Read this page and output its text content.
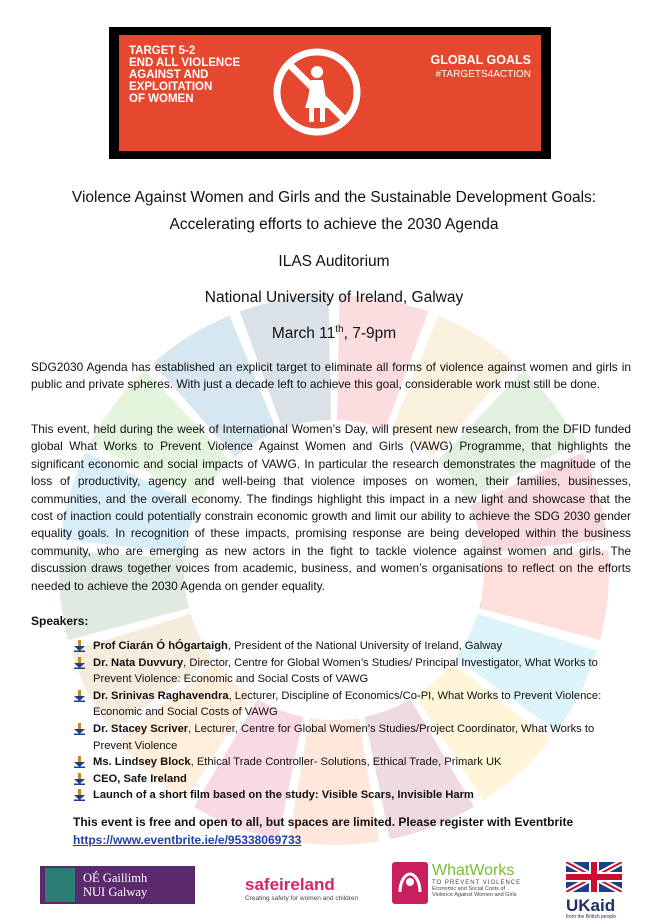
TARGET 5-2
END ALL VIOLENCE
AGAINST AND
EXPLOITATION
OF WOMEN
GLOBAL GOALS
#TARGETS4ACTION
Violence Against Women and Girls and the Sustainable Development Goals:
Accelerating efforts to achieve the 2030 Agenda
ILAS Auditorium
National University of Ireland, Galway
March 11th, 7-9pm
SDG2030 Agenda has established an explicit target to eliminate all forms of violence against women and girls in public and private spheres. With just a decade left to achieve this goal, considerable work must still be done.
This event, held during the week of International Women’s Day, will present new research, from the DFID funded global What Works to Prevent Violence Against Women and Girls (VAWG) Programme, that highlights the significant economic and social impacts of VAWG. In particular the research demonstrates the magnitude of the loss of productivity, agency and well-being that violence imposes on women, their families, businesses, communities, and the overall economy. The findings highlight this impact in a new light and showcase that the cost of inaction could potentially constrain economic growth and limit our ability to achieve the SDG 2030 gender equality goals. In recognition of these impacts, promising response are being developed within the business community, who are emerging as new actors in the fight to tackle violence against women and girls. The discussion draws together voices from academic, business, and women’s organisations to reflect on the efforts needed to achieve the 2030 Agenda on gender equality.
Speakers:
Prof Ciarán Ó hÓgartaigh, President of the National University of Ireland, Galway
Dr. Nata Duvvury, Director, Centre for Global Women’s Studies/ Principal Investigator, What Works to Prevent Violence: Economic and Social Costs of VAWG
Dr. Srinivas Raghavendra, Lecturer, Discipline of Economics/Co-PI, What Works to Prevent Violence: Economic and Social Costs of VAWG
Dr. Stacey Scriver, Lecturer, Centre for Global Women’s Studies/Project Coordinator, What Works to Prevent Violence
Ms. Lindsey Block, Ethical Trade Controller- Solutions, Ethical Trade, Primark UK
CEO, Safe Ireland
Launch of a short film based on the study: Visible Scars, Invisible Harm
This event is free and open to all, but spaces are limited. Please register with Eventbrite
https://www.eventbrite.ie/e/95338069733
OÉ Gaillimh
NUI Galway	safeireland
Creating safety for women and children
WhatWorks
TO PREVENT VIOLENCE
Economic and Social Costs of
Violence Against Women and Girls
UKaid
from the British people
